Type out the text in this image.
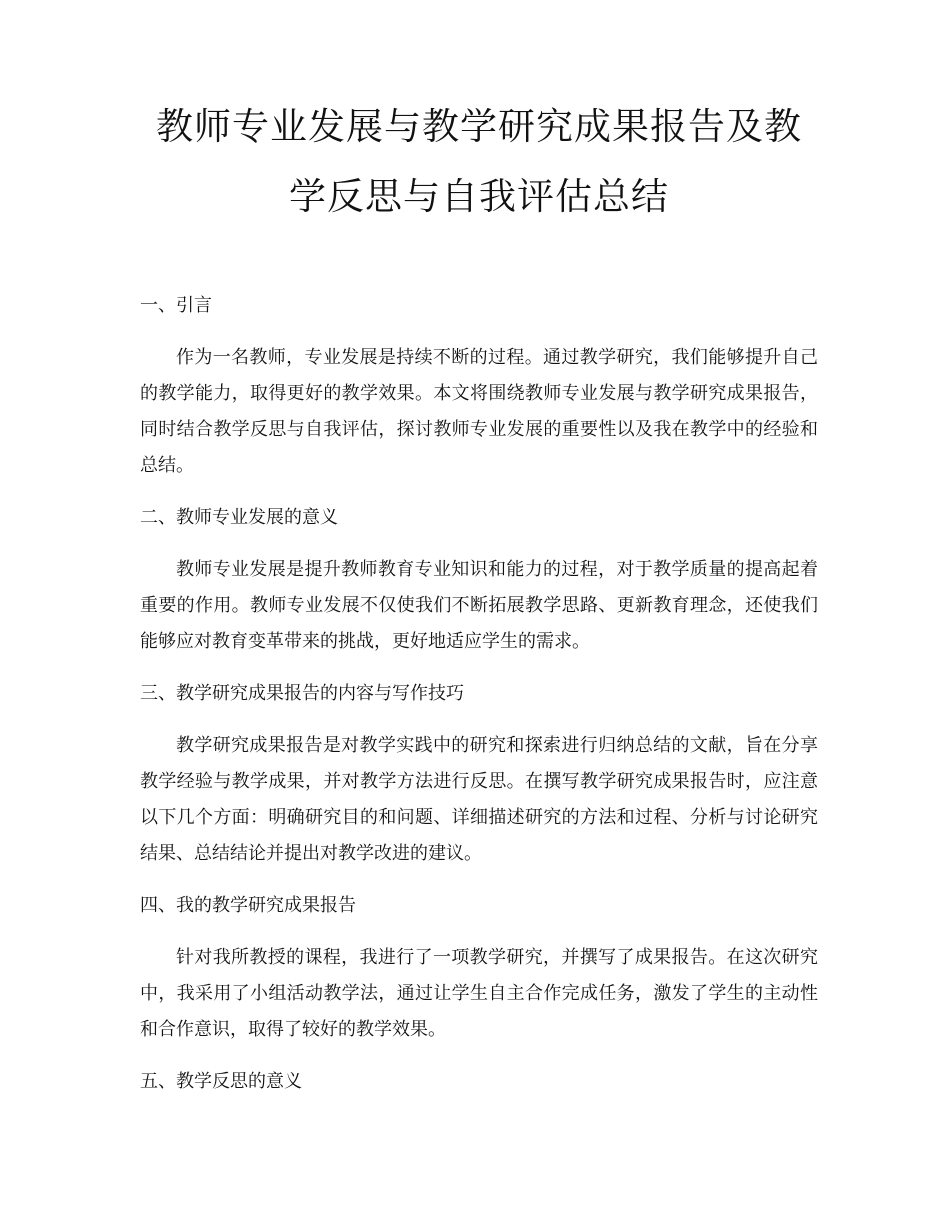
教师专业发展与教学研究成果报告及教学反思与自我评估总结

一、引言

作为一名教师，专业发展是持续不断的过程。通过教学研究，我们能够提升自己的教学能力，取得更好的教学效果。本文将围绕教师专业发展与教学研究成果报告，同时结合教学反思与自我评估，探讨教师专业发展的重要性以及我在教学中的经验和总结。

二、教师专业发展的意义

教师专业发展是提升教师教育专业知识和能力的过程，对于教学质量的提高起着重要的作用。教师专业发展不仅使我们不断拓展教学思路、更新教育理念，还使我们能够应对教育变革带来的挑战，更好地适应学生的需求。

三、教学研究成果报告的内容与写作技巧

教学研究成果报告是对教学实践中的研究和探索进行归纳总结的文献，旨在分享教学经验与教学成果，并对教学方法进行反思。在撰写教学研究成果报告时，应注意以下几个方面：明确研究目的和问题、详细描述研究的方法和过程、分析与讨论研究结果、总结结论并提出对教学改进的建议。

四、我的教学研究成果报告

针对我所教授的课程，我进行了一项教学研究，并撰写了成果报告。在这次研究中，我采用了小组活动教学法，通过让学生自主合作完成任务，激发了学生的主动性和合作意识，取得了较好的教学效果。

五、教学反思的意义
